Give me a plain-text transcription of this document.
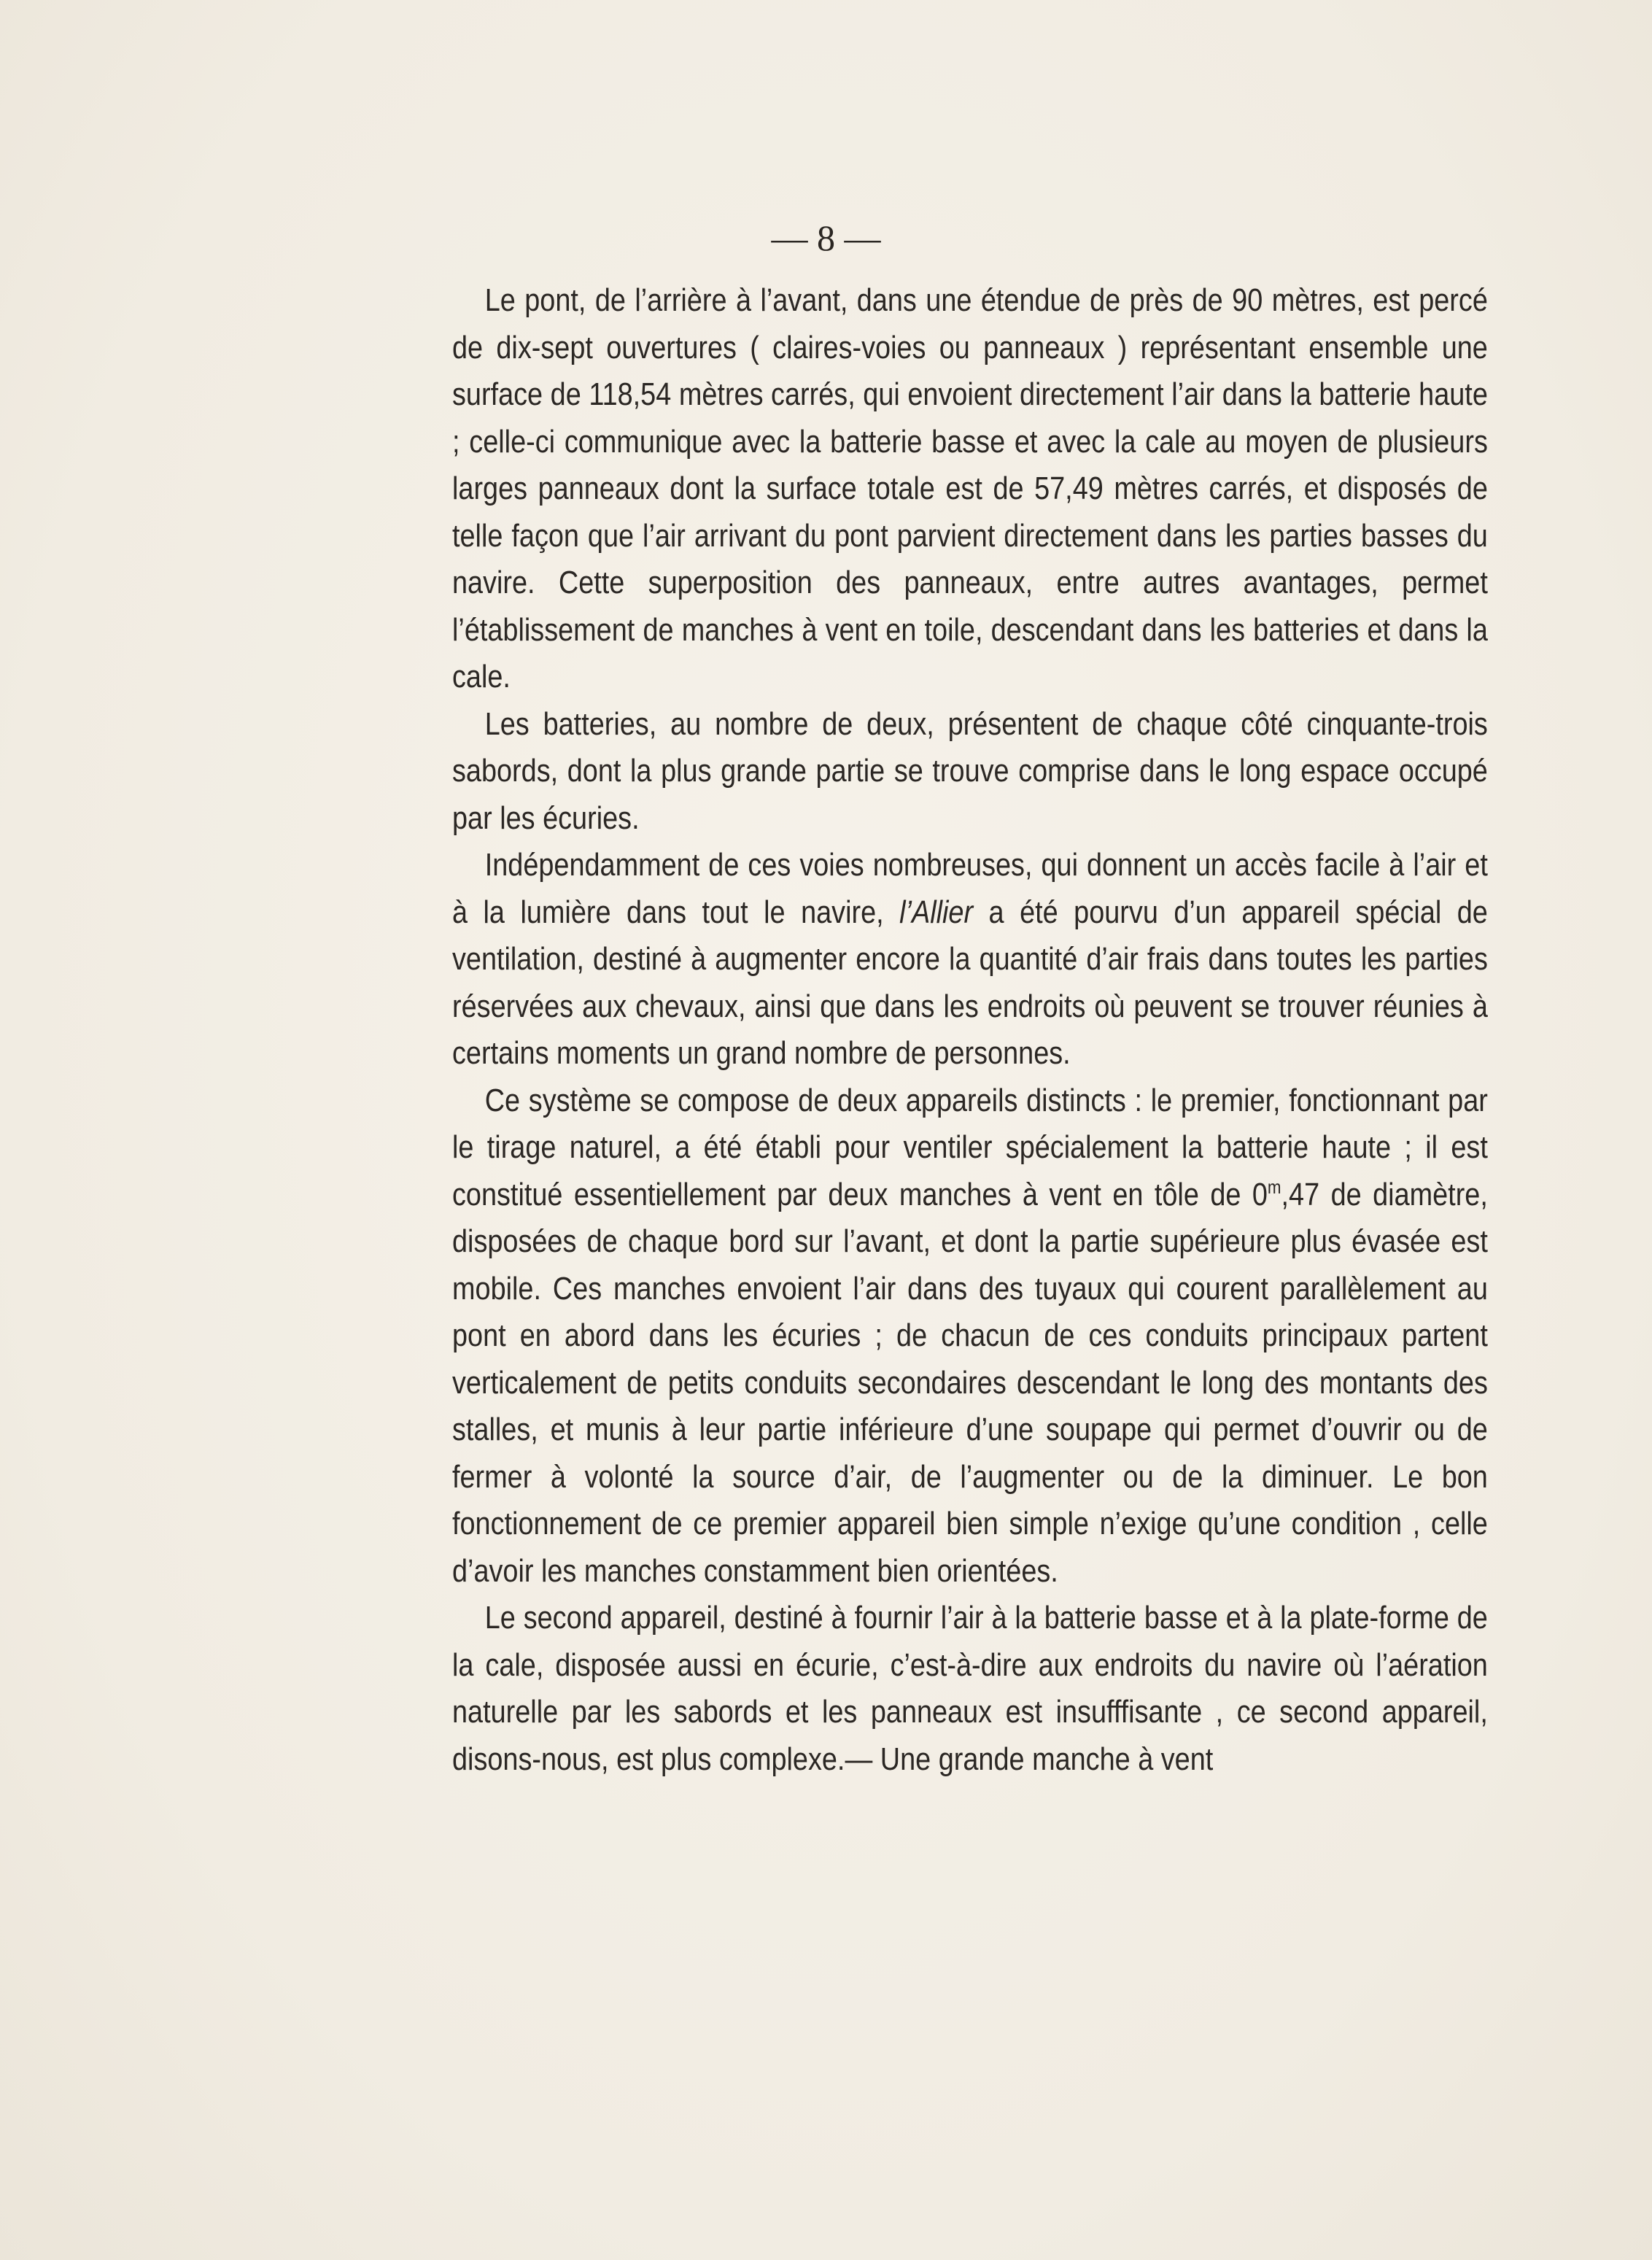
— 8 —

Le pont, de l’arrière à l’avant, dans une étendue de près de 90 mètres, est percé de dix-sept ouvertures ( claires-voies ou panneaux ) représentant ensemble une surface de 118,54 mètres carrés, qui envoient directement l’air dans la batterie haute ; celle-ci communique avec la batterie basse et avec la cale au moyen de plusieurs larges panneaux dont la surface totale est de 57,49 mètres carrés, et disposés de telle façon que l’air arrivant du pont parvient directement dans les parties basses du navire. Cette superposition des panneaux, entre autres avantages, permet l’établissement de manches à vent en toile, descendant dans les batteries et dans la cale.

Les batteries, au nombre de deux, présentent de chaque côté cinquante-trois sabords, dont la plus grande partie se trouve comprise dans le long espace occupé par les écuries.

Indépendamment de ces voies nombreuses, qui donnent un accès facile à l’air et à la lumière dans tout le navire, l’Allier a été pourvu d’un appareil spécial de ventilation, destiné à augmenter encore la quantité d’air frais dans toutes les parties réservées aux chevaux, ainsi que dans les endroits où peuvent se trouver réunies à certains moments un grand nombre de personnes.

Ce système se compose de deux appareils distincts : le premier, fonctionnant par le tirage naturel, a été établi pour ventiler spécialement la batterie haute ; il est constitué essentiellement par deux manches à vent en tôle de 0$^m$,47 de diamètre, disposées de chaque bord sur l’avant, et dont la partie supérieure plus évasée est mobile. Ces manches envoient l’air dans des tuyaux qui courent parallèlement au pont en abord dans les écuries ; de chacun de ces conduits principaux partent verticalement de petits conduits secondaires descendant le long des montants des stalles, et munis à leur partie inférieure d’une soupape qui permet d’ouvrir ou de fermer à volonté la source d’air, de l’augmenter ou de la diminuer. Le bon fonctionnement de ce premier appareil bien simple n’exige qu’une condition , celle d’avoir les manches constamment bien orientées.

Le second appareil, destiné à fournir l’air à la batterie basse et à la plate-forme de la cale, disposée aussi en écurie, c’est-à-dire aux endroits du navire où l’aération naturelle par les sabords et les panneaux est insufffisante , ce second appareil, disons-nous, est plus complexe.— Une grande manche à vent
